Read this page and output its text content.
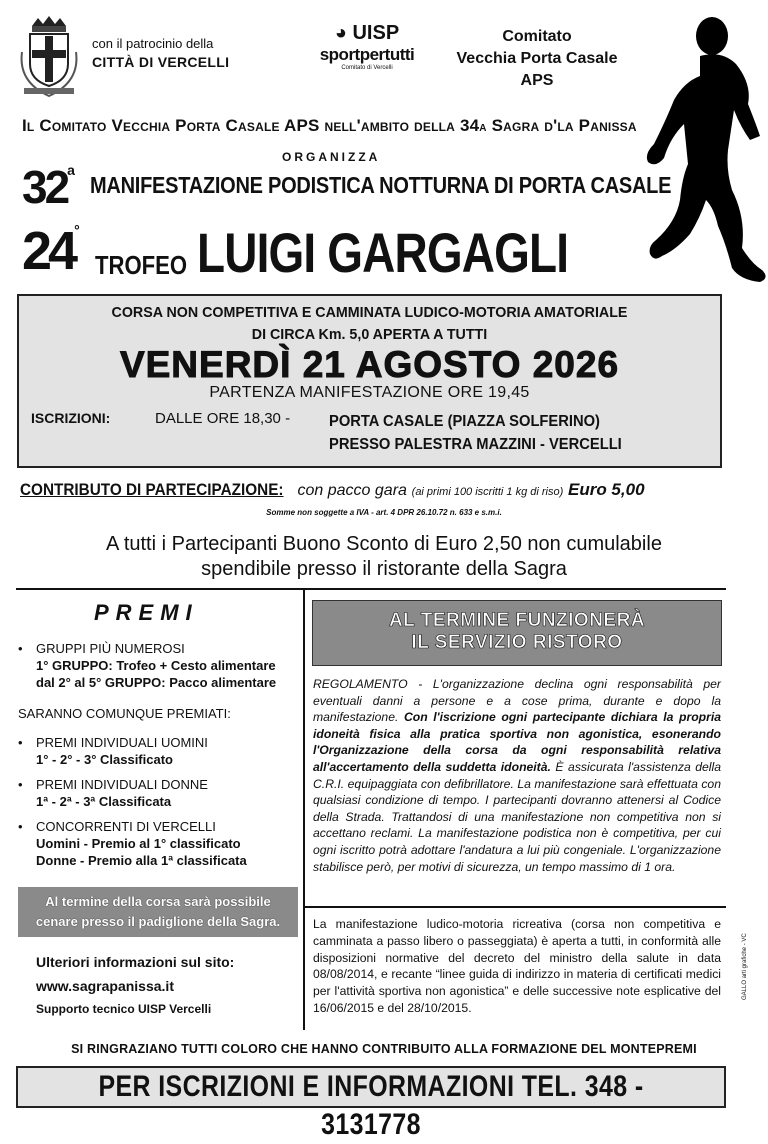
con il patrocinio della
CITTÀ DI VERCELLI
◕ UISP
sportpertutti
Comitato di Vercelli
Comitato
Vecchia Porta Casale APS
Il Comitato Vecchia Porta Casale APS nell'ambito della 34$^a$ Sagra d'la Panissa
ORGANIZZA
32$^a$
MANIFESTAZIONE PODISTICA NOTTURNA DI PORTA CASALE
24°
TROFEO LUIGI GARGAGLI
CORSA NON COMPETITIVA E CAMMINATA LUDICO-MOTORIA AMATORIALE
DI CIRCA Km. 5,0 APERTA A TUTTI
VENERDÌ 21 AGOSTO 2026
PARTENZA MANIFESTAZIONE ORE 19,45
ISCRIZIONI:	DALLE ORE 18,30 - PORTA CASALE (PIAZZA SOLFERINO)
PRESSO PALESTRA MAZZINI - VERCELLI
CONTRIBUTO DI PARTECIPAZIONE: con pacco gara (ai primi 100 iscritti 1 kg di riso) Euro 5,00
Somme non soggette a IVA - art. 4 DPR 26.10.72 n. 633 e s.m.i.
A tutti i Partecipanti Buono Sconto di Euro 2,50 non cumulabile
spendibile presso il ristorante della Sagra
PREMI
• GRUPPI PIÙ NUMEROSI
1° GRUPPO: Trofeo + Cesto alimentare
dal 2° al 5° GRUPPO: Pacco alimentare
SARANNO COMUNQUE PREMIATI:
• PREMI INDIVIDUALI UOMINI
1° - 2° - 3° Classificato
• PREMI INDIVIDUALI DONNE
1ª - 2ª - 3ª Classificata
• CONCORRENTI DI VERCELLI
Uomini - Premio al 1° classificato
Donne - Premio alla 1ª classificata
Al termine della corsa sarà possibile
cenare presso il padiglione della Sagra.
Ulteriori informazioni sul sito:
www.sagrapanissa.it
Supporto tecnico UISP Vercelli
AL TERMINE FUNZIONERÀ
IL SERVIZIO RISTORO
REGOLAMENTO - L'organizzazione declina ogni responsabilità per eventuali danni a persone e a cose prima, durante e dopo la manifestazione. Con l'iscrizione ogni partecipante dichiara la propria idoneità fisica alla pratica sportiva non agonistica, esonerando l'Organizzazione della corsa da ogni responsabilità relativa all'accertamento della suddetta idoneità. È assicurata l'assistenza della C.R.I. equipaggiata con defibrillatore. La manifestazione sarà effettuata con qualsiasi condizione di tempo. I partecipanti dovranno attenersi al Codice della Strada. Trattandosi di una manifestazione non competitiva non si accettano reclami. La manifestazione podistica non è competitiva, per cui ogni iscritto potrà adottare l'andatura a lui più congeniale. L'organizzazione stabilisce però, per motivi di sicurezza, un tempo massimo di 1 ora.
La manifestazione ludico-motoria ricreativa (corsa non competitiva e camminata a passo libero o passeggiata) è aperta a tutti, in conformità alle disposizioni normative del decreto del ministro della salute in data 08/08/2014, e recante “linee guida di indirizzo in materia di certificati medici per l'attività sportiva non agonistica” e delle successive note esplicative del 16/06/2015 e del 28/10/2015.
GALLO arti grafiche - VC
SI RINGRAZIANO TUTTI COLORO CHE HANNO CONTRIBUITO ALLA FORMAZIONE DEL MONTEPREMI
PER ISCRIZIONI E INFORMAZIONI TEL. 348 - 3131778
